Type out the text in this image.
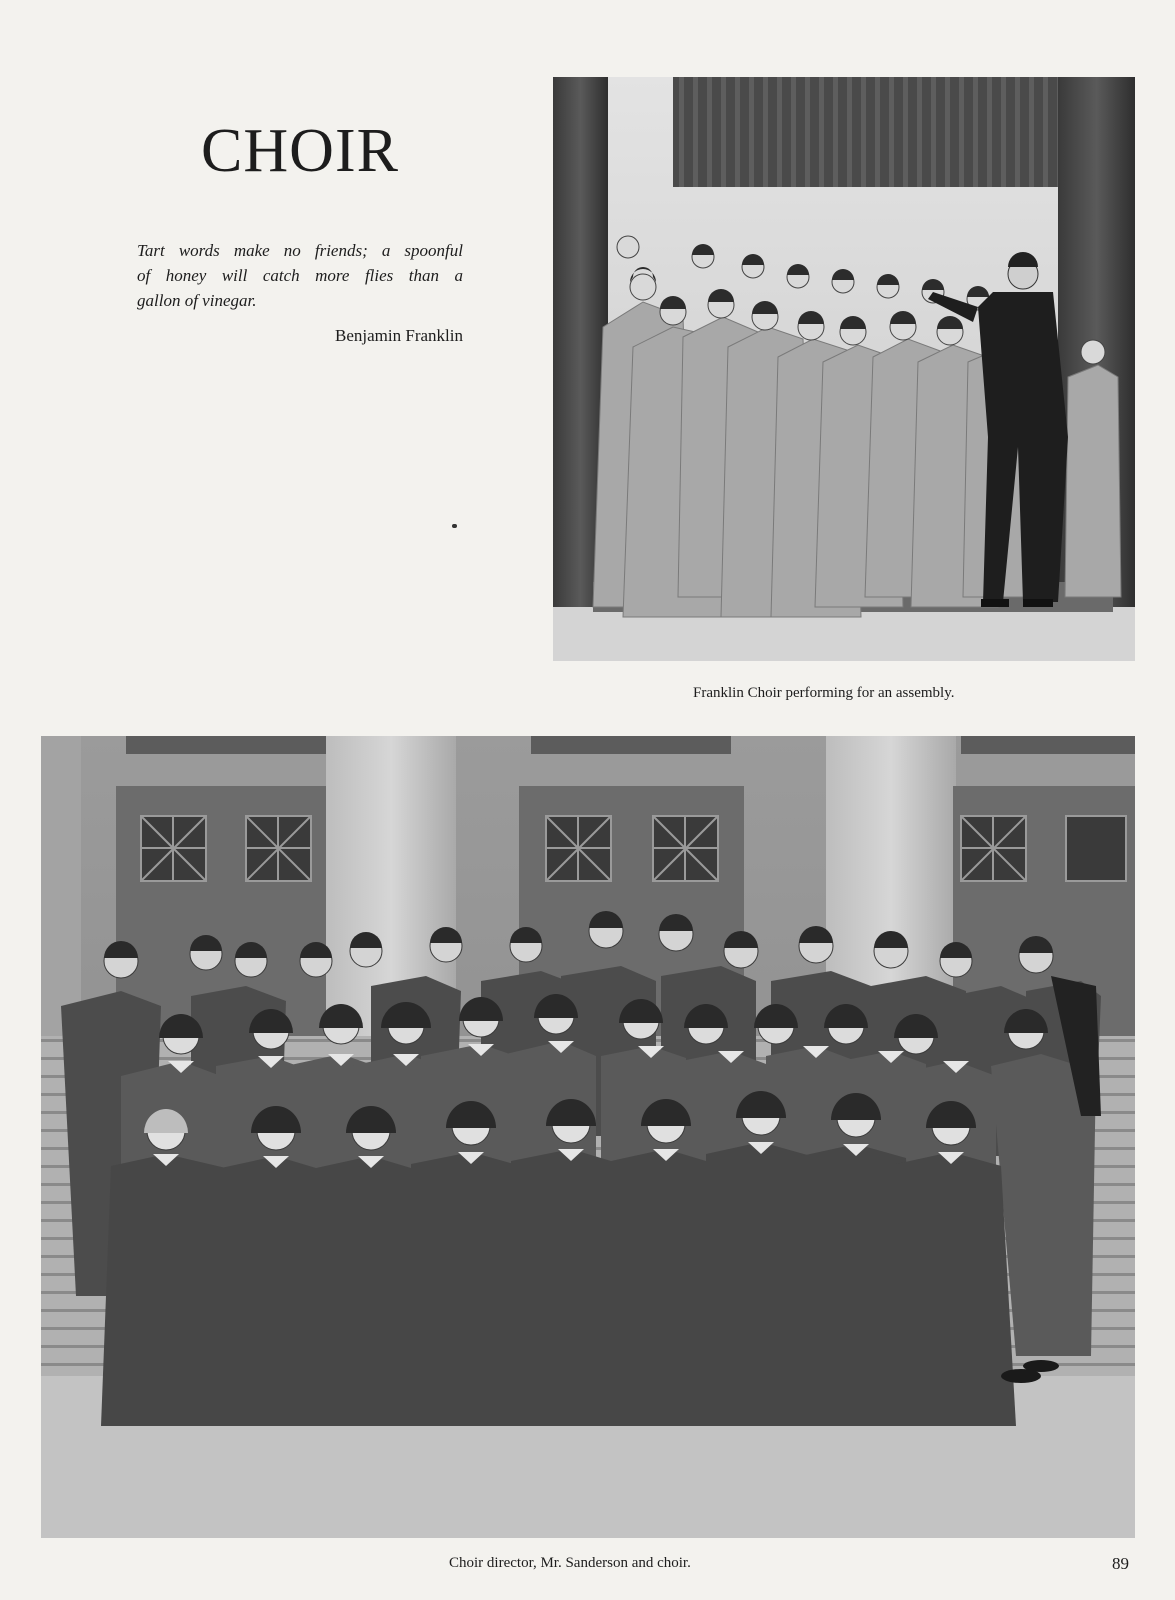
CHOIR

Tart words make no friends; a spoonful
of honey will catch more flies than a
gallon of vinegar.

Benjamin Franklin

Franklin Choir performing for an assembly.

Choir director, Mr. Sanderson and choir.	89
